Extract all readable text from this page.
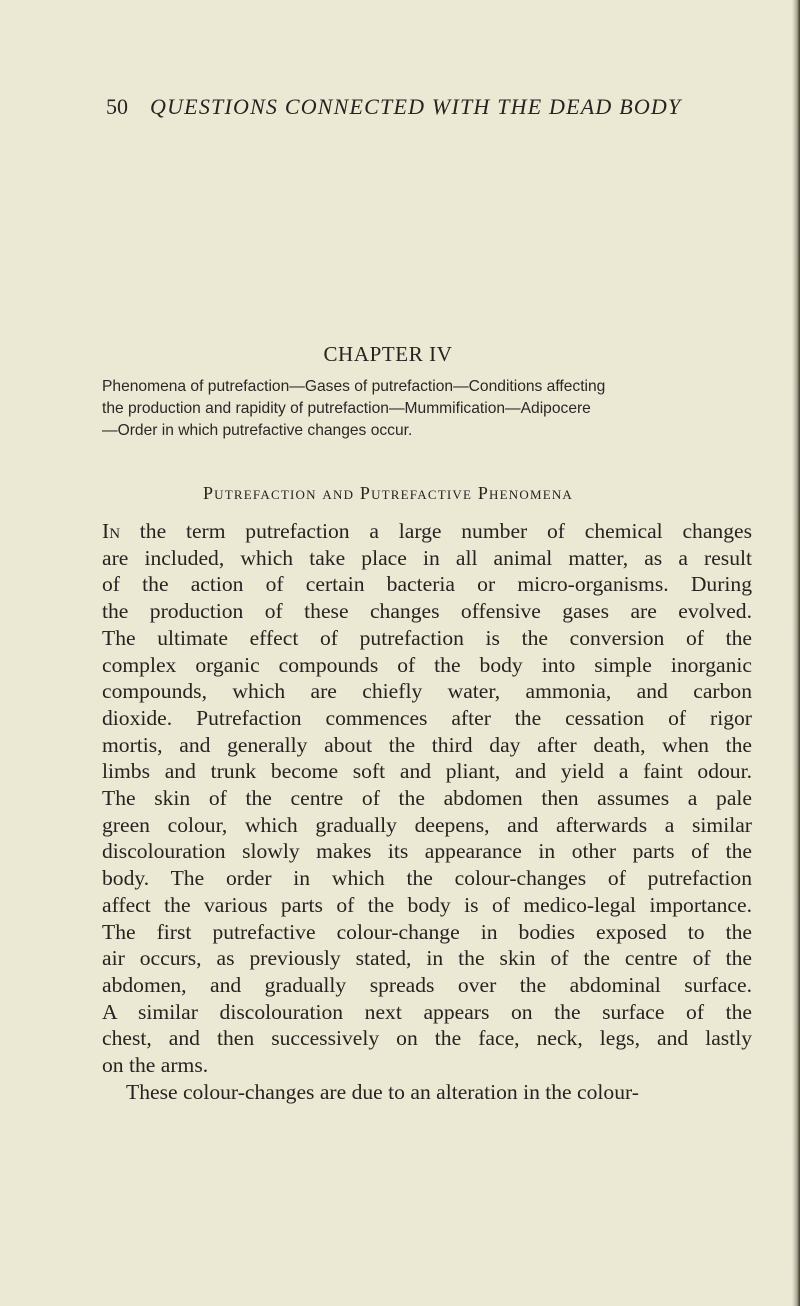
50 QUESTIONS CONNECTED WITH THE DEAD BODY
CHAPTER IV
Phenomena of putrefaction—Gases of putrefaction—Conditions affecting
the production and rapidity of putrefaction—Mummification—Adipocere
—Order in which putrefactive changes occur.
Putrefaction and Putrefactive Phenomena
In the term putrefaction a large number of chemical changes
are included, which take place in all animal matter, as a result
of the action of certain bacteria or micro-organisms. During
the production of these changes offensive gases are evolved.
The ultimate effect of putrefaction is the conversion of the
complex organic compounds of the body into simple inorganic
compounds, which are chiefly water, ammonia, and carbon
dioxide. Putrefaction commences after the cessation of rigor
mortis, and generally about the third day after death, when the
limbs and trunk become soft and pliant, and yield a faint odour.
The skin of the centre of the abdomen then assumes a pale
green colour, which gradually deepens, and afterwards a similar
discolouration slowly makes its appearance in other parts of the
body. The order in which the colour-changes of putrefaction
affect the various parts of the body is of medico-legal importance.
The first putrefactive colour-change in bodies exposed to the
air occurs, as previously stated, in the skin of the centre of the
abdomen, and gradually spreads over the abdominal surface.
A similar discolouration next appears on the surface of the
chest, and then successively on the face, neck, legs, and lastly
on the arms.
These colour-changes are due to an alteration in the colour-
